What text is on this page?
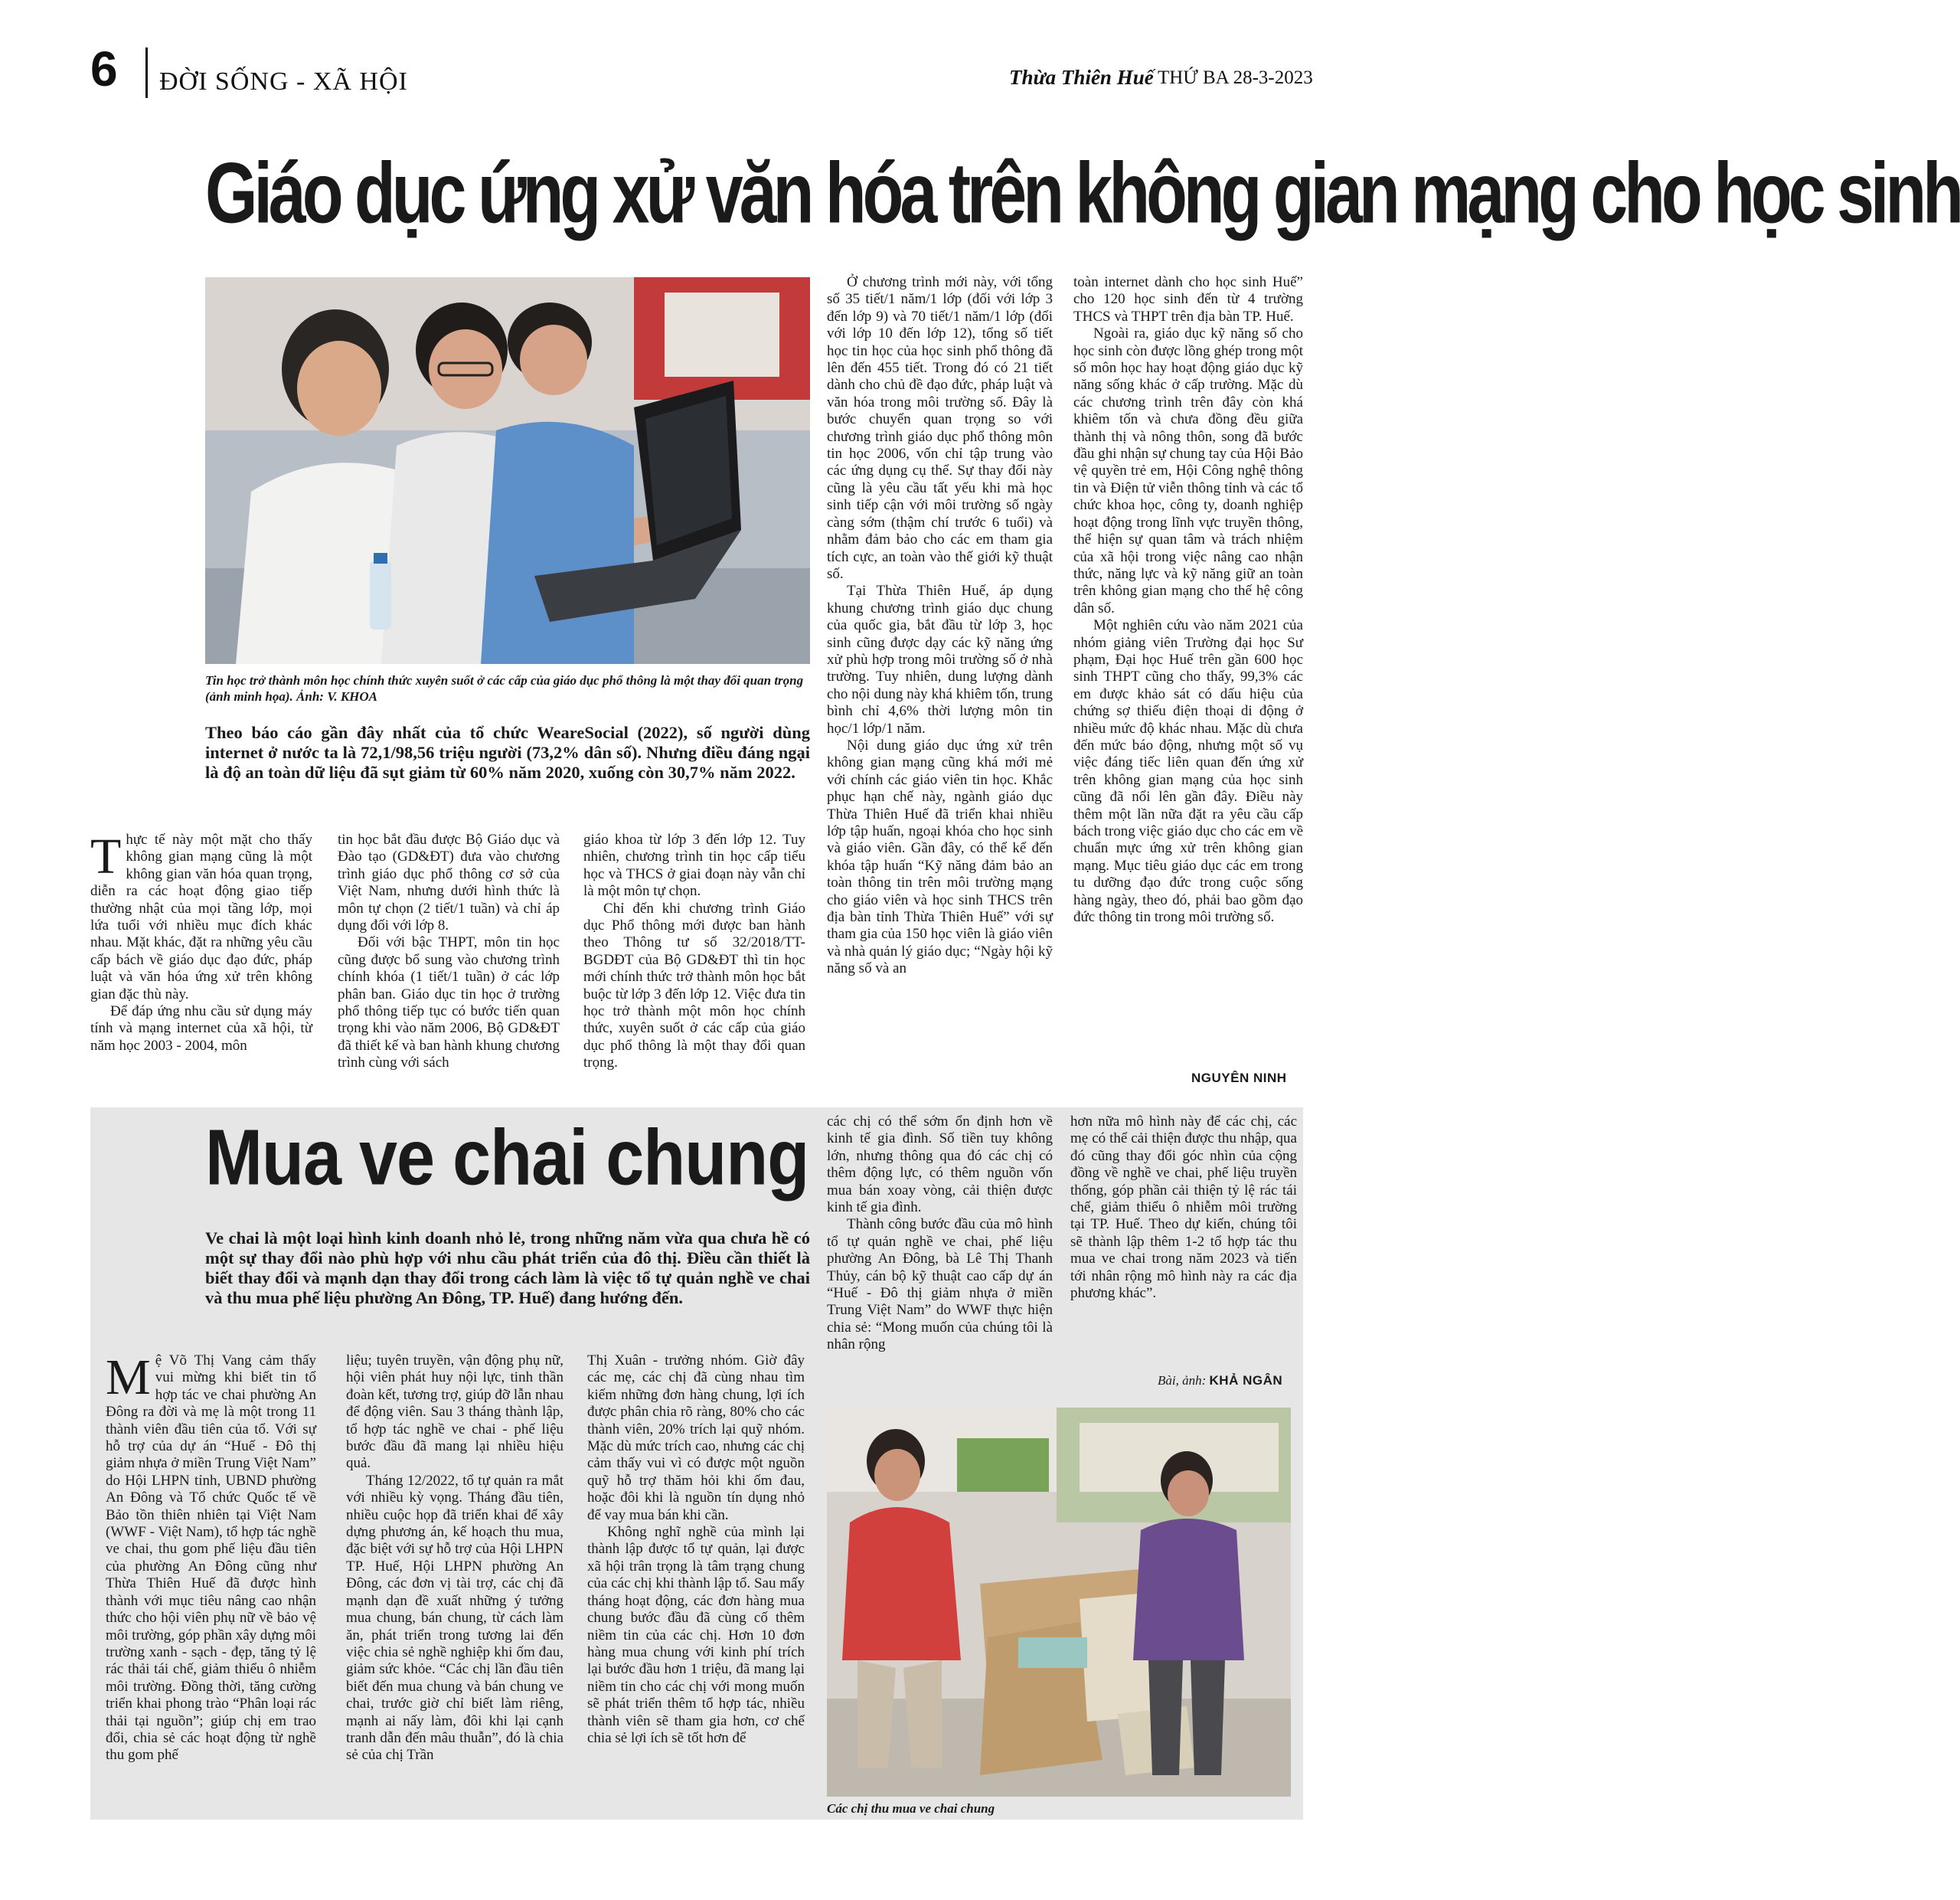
6 ĐỜI SỐNG - XÃ HỘI	Thừa Thiên Huế THỨ BA 28-3-2023
Giáo dục ứng xử văn hóa trên không gian mạng cho học sinh
Tin học trở thành môn học chính thức xuyên suốt ở các cấp của giáo dục phổ thông là một thay đổi quan trọng (ảnh minh họa). Ảnh: V. KHOA
Theo báo cáo gần đây nhất của tổ chức WeareSocial (2022), số người dùng internet ở nước ta là 72,1/98,56 triệu người (73,2% dân số). Nhưng điều đáng ngại là độ an toàn dữ liệu đã sụt giảm từ 60% năm 2020, xuống còn 30,7% năm 2022.

Thực tế này một mặt cho thấy không gian mạng cũng là một không gian văn hóa quan trọng, diễn ra các hoạt động giao tiếp thường nhật của mọi tầng lớp, mọi lứa tuổi với nhiều mục đích khác nhau. Mặt khác, đặt ra những yêu cầu cấp bách về giáo dục đạo đức, pháp luật và văn hóa ứng xử trên không gian đặc thù này.

Để đáp ứng nhu cầu sử dụng máy tính và mạng internet của xã hội, từ năm học 2003 - 2004, môn

tin học bắt đầu được Bộ Giáo dục và Đào tạo (GD&ĐT) đưa vào chương trình giáo dục phổ thông cơ sở của Việt Nam, nhưng dưới hình thức là môn tự chọn (2 tiết/1 tuần) và chỉ áp dụng đối với lớp 8.

Đối với bậc THPT, môn tin học cũng được bổ sung vào chương trình chính khóa (1 tiết/1 tuần) ở các lớp phân ban. Giáo dục tin học ở trường phổ thông tiếp tục có bước tiến quan trọng khi vào năm 2006, Bộ GD&ĐT đã thiết kế và ban hành khung chương trình cùng với sách

giáo khoa từ lớp 3 đến lớp 12. Tuy nhiên, chương trình tin học cấp tiểu học và THCS ở giai đoạn này vẫn chỉ là một môn tự chọn.

Chỉ đến khi chương trình Giáo dục Phổ thông mới được ban hành theo Thông tư số 32/2018/TT-BGDĐT của Bộ GD&ĐT thì tin học mới chính thức trở thành môn học bắt buộc từ lớp 3 đến lớp 12. Việc đưa tin học trở thành một môn học chính thức, xuyên suốt ở các cấp của giáo dục phổ thông là một thay đổi quan trọng.

Ở chương trình mới này, với tổng số 35 tiết/1 năm/1 lớp (đối với lớp 3 đến lớp 9) và 70 tiết/1 năm/1 lớp (đối với lớp 10 đến lớp 12), tổng số tiết học tin học của học sinh phổ thông đã lên đến 455 tiết. Trong đó có 21 tiết dành cho chủ đề đạo đức, pháp luật và văn hóa trong môi trường số. Đây là bước chuyển quan trọng so với chương trình giáo dục phổ thông môn tin học 2006, vốn chỉ tập trung vào các ứng dụng cụ thể. Sự thay đổi này cũng là yêu cầu tất yếu khi mà học sinh tiếp cận với môi trường số ngày càng sớm (thậm chí trước 6 tuổi) và nhằm đảm bảo cho các em tham gia tích cực, an toàn vào thế giới kỹ thuật số.

Tại Thừa Thiên Huế, áp dụng khung chương trình giáo dục chung của quốc gia, bắt đầu từ lớp 3, học sinh cũng được dạy các kỹ năng ứng xử phù hợp trong môi trường số ở nhà trường. Tuy nhiên, dung lượng dành cho nội dung này khá khiêm tốn, trung bình chỉ 4,6% thời lượng môn tin học/1 lớp/1 năm.

Nội dung giáo dục ứng xử trên không gian mạng cũng khá mới mẻ với chính các giáo viên tin học. Khắc phục hạn chế này, ngành giáo dục Thừa Thiên Huế đã triển khai nhiều lớp tập huấn, ngoại khóa cho học sinh và giáo viên. Gần đây, có thể kể đến khóa tập huấn “Kỹ năng đảm bảo an toàn thông tin trên môi trường mạng cho giáo viên và học sinh THCS trên địa bàn tỉnh Thừa Thiên Huế” với sự tham gia của 150 học viên là giáo viên và nhà quản lý giáo dục; “Ngày hội kỹ năng số và an

toàn internet dành cho học sinh Huế” cho 120 học sinh đến từ 4 trường THCS và THPT trên địa bàn TP. Huế.

Ngoài ra, giáo dục kỹ năng số cho học sinh còn được lồng ghép trong một số môn học hay hoạt động giáo dục kỹ năng sống khác ở cấp trường. Mặc dù các chương trình trên đây còn khá khiêm tốn và chưa đồng đều giữa thành thị và nông thôn, song đã bước đầu ghi nhận sự chung tay của Hội Bảo vệ quyền trẻ em, Hội Công nghệ thông tin và Điện tử viễn thông tỉnh và các tổ chức khoa học, công ty, doanh nghiệp hoạt động trong lĩnh vực truyền thông, thể hiện sự quan tâm và trách nhiệm của xã hội trong việc nâng cao nhận thức, năng lực và kỹ năng giữ an toàn trên không gian mạng cho thế hệ công dân số.

Một nghiên cứu vào năm 2021 của nhóm giảng viên Trường đại học Sư phạm, Đại học Huế trên gần 600 học sinh THPT cũng cho thấy, 99,3% các em được khảo sát có dấu hiệu của chứng sợ thiếu điện thoại di động ở nhiều mức độ khác nhau. Mặc dù chưa đến mức báo động, nhưng một số vụ việc đáng tiếc liên quan đến ứng xử trên không gian mạng của học sinh cũng đã nổi lên gần đây. Điều này thêm một lần nữa đặt ra yêu cầu cấp bách trong việc giáo dục cho các em về chuẩn mực ứng xử trên không gian mạng. Mục tiêu giáo dục các em trong tu dưỡng đạo đức trong cuộc sống hàng ngày, theo đó, phải bao gồm đạo đức thông tin trong môi trường số.

NGUYÊN NINH
Mua ve chai chung
Ve chai là một loại hình kinh doanh nhỏ lẻ, trong những năm vừa qua chưa hề có một sự thay đổi nào phù hợp với nhu cầu phát triển của đô thị. Điều cần thiết là biết thay đổi và mạnh dạn thay đổi trong cách làm là việc tổ tự quản nghề ve chai và thu mua phế liệu phường An Đông, TP. Huế) đang hướng đến.

Mệ Võ Thị Vang cảm thấy vui mừng khi biết tin tổ hợp tác ve chai phường An Đông ra đời và mẹ là một trong 11 thành viên đầu tiên của tổ. Với sự hỗ trợ của dự án “Huế - Đô thị giảm nhựa ở miền Trung Việt Nam” do Hội LHPN tỉnh, UBND phường An Đông và Tổ chức Quốc tế về Bảo tồn thiên nhiên tại Việt Nam (WWF - Việt Nam), tổ hợp tác nghề ve chai, thu gom phế liệu đầu tiên của phường An Đông cũng như Thừa Thiên Huế đã được hình thành với mục tiêu nâng cao nhận thức cho hội viên phụ nữ về bảo vệ môi trường, góp phần xây dựng môi trường xanh - sạch - đẹp, tăng tỷ lệ rác thải tái chế, giảm thiểu ô nhiễm môi trường. Đồng thời, tăng cường triển khai phong trào “Phân loại rác thải tại nguồn”; giúp chị em trao đổi, chia sẻ các hoạt động từ nghề thu gom phế

liệu; tuyên truyền, vận động phụ nữ, hội viên phát huy nội lực, tinh thần đoàn kết, tương trợ, giúp đỡ lẫn nhau để động viên. Sau 3 tháng thành lập, tổ hợp tác nghề ve chai - phế liệu bước đầu đã mang lại nhiều hiệu quả.

Tháng 12/2022, tổ tự quản ra mắt với nhiều kỳ vọng. Tháng đầu tiên, nhiều cuộc họp đã triển khai để xây dựng phương án, kế hoạch thu mua, đặc biệt với sự hỗ trợ của Hội LHPN TP. Huế, Hội LHPN phường An Đông, các đơn vị tài trợ, các chị đã mạnh dạn đề xuất những ý tưởng mua chung, bán chung, từ cách làm ăn, phát triển trong tương lai đến việc chia sẻ nghề nghiệp khi ốm đau, giảm sức khỏe. “Các chị lần đầu tiên biết đến mua chung và bán chung ve chai, trước giờ chỉ biết làm riêng, mạnh ai nấy làm, đôi khi lại cạnh tranh dẫn đến mâu thuẫn”, đó là chia sẻ của chị Trần

Thị Xuân - trưởng nhóm. Giờ đây các mẹ, các chị đã cùng nhau tìm kiếm những đơn hàng chung, lợi ích được phân chia rõ ràng, 80% cho các thành viên, 20% trích lại quỹ nhóm. Mặc dù mức trích cao, nhưng các chị cảm thấy vui vì có được một nguồn quỹ hỗ trợ thăm hỏi khi ốm đau, hoặc đôi khi là nguồn tín dụng nhỏ để vay mua bán khi cần.

Không nghĩ nghề của mình lại thành lập được tổ tự quản, lại được xã hội trân trọng là tâm trạng chung của các chị khi thành lập tổ. Sau mấy tháng hoạt động, các đơn hàng mua chung bước đầu đã cùng cố thêm niềm tin của các chị. Hơn 10 đơn hàng mua chung với kinh phí trích lại bước đầu hơn 1 triệu, đã mang lại niềm tin cho các chị với mong muốn sẽ phát triển thêm tổ hợp tác, nhiều thành viên sẽ tham gia hơn, cơ chế chia sẻ lợi ích sẽ tốt hơn để

các chị có thể sớm ổn định hơn về kinh tế gia đình. Số tiền tuy không lớn, nhưng thông qua đó các chị có thêm động lực, có thêm nguồn vốn mua bán xoay vòng, cải thiện được kinh tế gia đình.

Thành công bước đầu của mô hình tổ tự quản nghề ve chai, phế liệu phường An Đông, bà Lê Thị Thanh Thủy, cán bộ kỹ thuật cao cấp dự án “Huế - Đô thị giảm nhựa ở miền Trung Việt Nam” do WWF thực hiện chia sẻ: “Mong muốn của chúng tôi là nhân rộng

hơn nữa mô hình này để các chị, các mẹ có thể cải thiện được thu nhập, qua đó cũng thay đổi góc nhìn của cộng đồng về nghề ve chai, phế liệu truyền thống, góp phần cải thiện tỷ lệ rác tái chế, giảm thiểu ô nhiễm môi trường tại TP. Huế. Theo dự kiến, chúng tôi sẽ thành lập thêm 1-2 tổ hợp tác thu mua ve chai trong năm 2023 và tiến tới nhân rộng mô hình này ra các địa phương khác”.

Bài, ảnh: KHẢ NGÂN
Các chị thu mua ve chai chung
